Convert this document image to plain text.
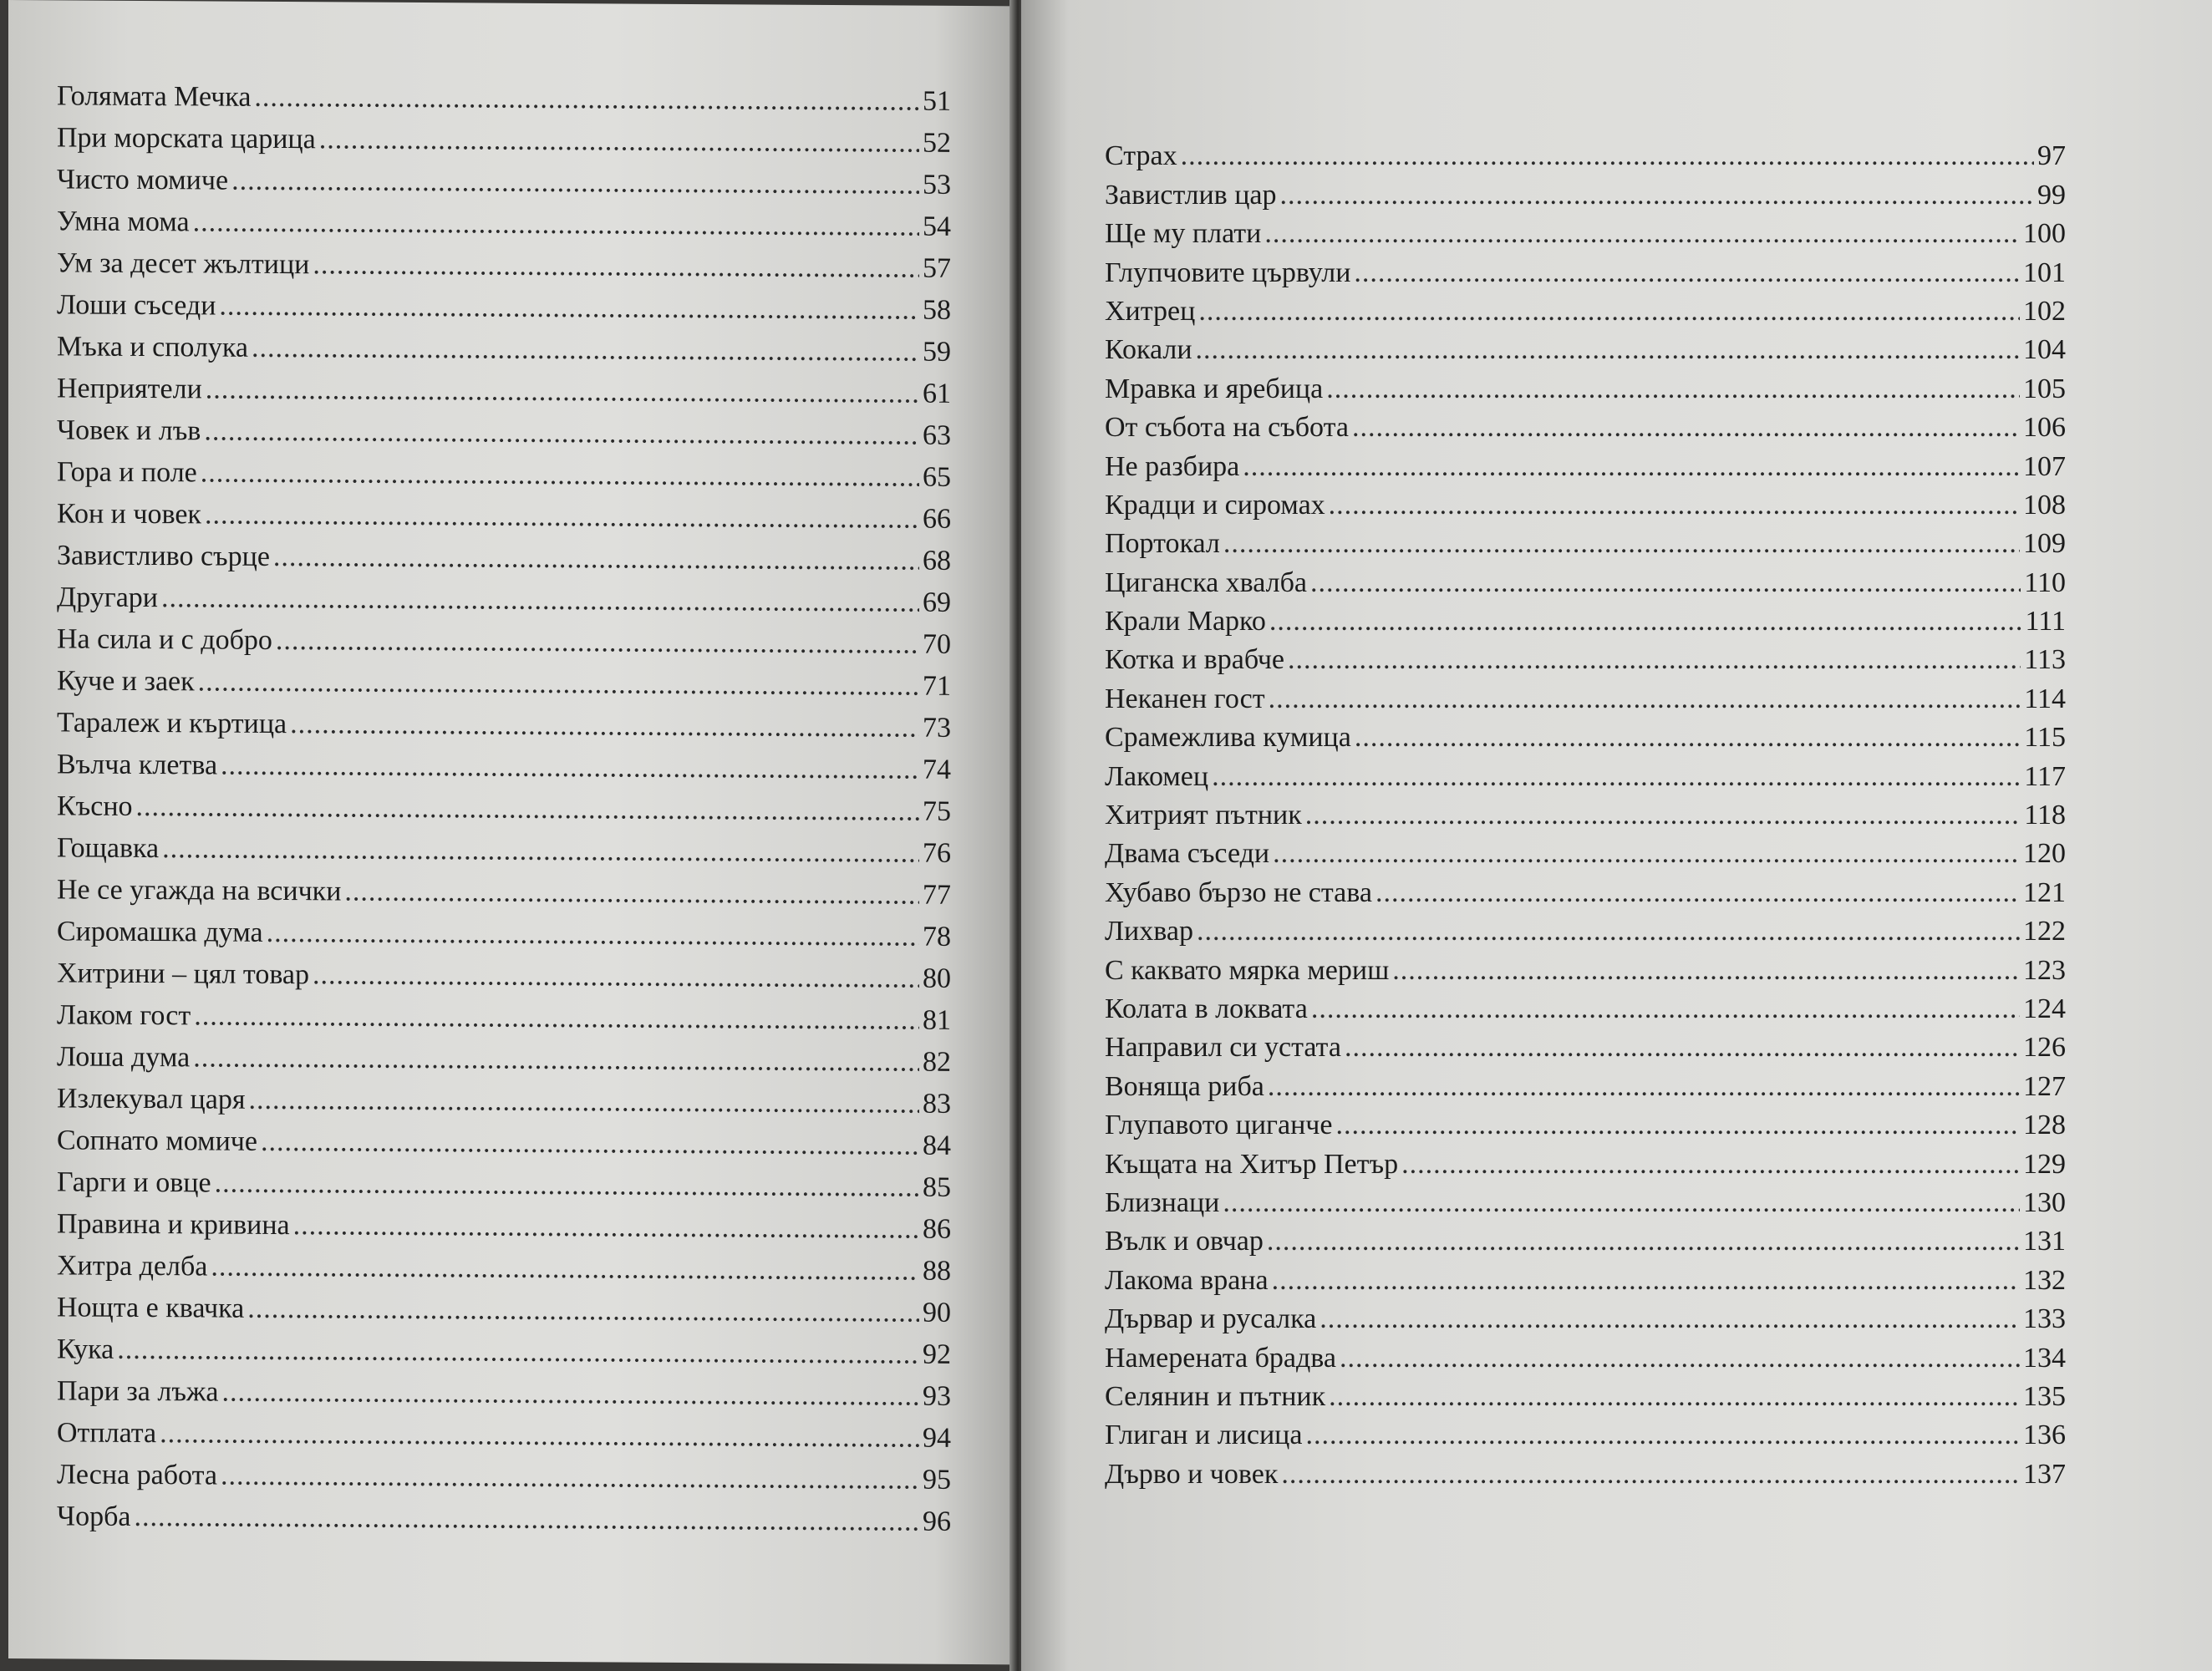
Голямата Мечка .....	51
При морската царица .....	52
Чисто момиче .....	53
Умна мома .....	54
Ум за десет жълтици .....	57
Лоши съседи .....	58
Мъка и сполука .....	59
Неприятели .....	61
Човек и лъв .....	63
Гора и поле .....	65
Кон и човек .....	66
Завистливо сърце .....	68
Другари .....	69
На сила и с добро .....	70
Куче и заек .....	71
Таралеж и къртица .....	73
Вълча клетва .....	74
Късно .....	75
Гощавка .....	76
Не се угажда на всички .....	77
Сиромашка дума .....	78
Хитрини – цял товар .....	80
Лаком гост .....	81
Лоша дума .....	82
Излекувал царя .....	83
Сопнато момиче .....	84
Гарги и овце .....	85
Правина и кривина .....	86
Хитра делба .....	88
Нощта е квачка .....	90
Кука .....	92
Пари за лъжа .....	93
Отплата .....	94
Лесна работа .....	95
Чорба .....	96
Страх .....	97
Завистлив цар .....	99
Ще му плати .....	100
Глупчовите цървули .....	101
Хитрец .....	102
Кокали .....	104
Мравка и яребица .....	105
От събота на събота .....	106
Не разбира .....	107
Крадци и сиромах .....	108
Портокал .....	109
Циганска хвалба .....	110
Крали Марко .....	111
Котка и врабче .....	113
Неканен гост .....	114
Срамежлива кумица .....	115
Лакомец .....	117
Хитрият пътник .....	118
Двама съседи .....	120
Хубаво бързо не става .....	121
Лихвар .....	122
С каквато мярка мериш .....	123
Колата в локвата .....	124
Направил си устата .....	126
Воняща риба .....	127
Глупавото циганче .....	128
Къщата на Хитър Петър .....	129
Близнаци .....	130
Вълк и овчар .....	131
Лакома врана .....	132
Дървар и русалка .....	133
Намерената брадва .....	134
Селянин и пътник .....	135
Глиган и лисица .....	136
Дърво и човек .....	137
